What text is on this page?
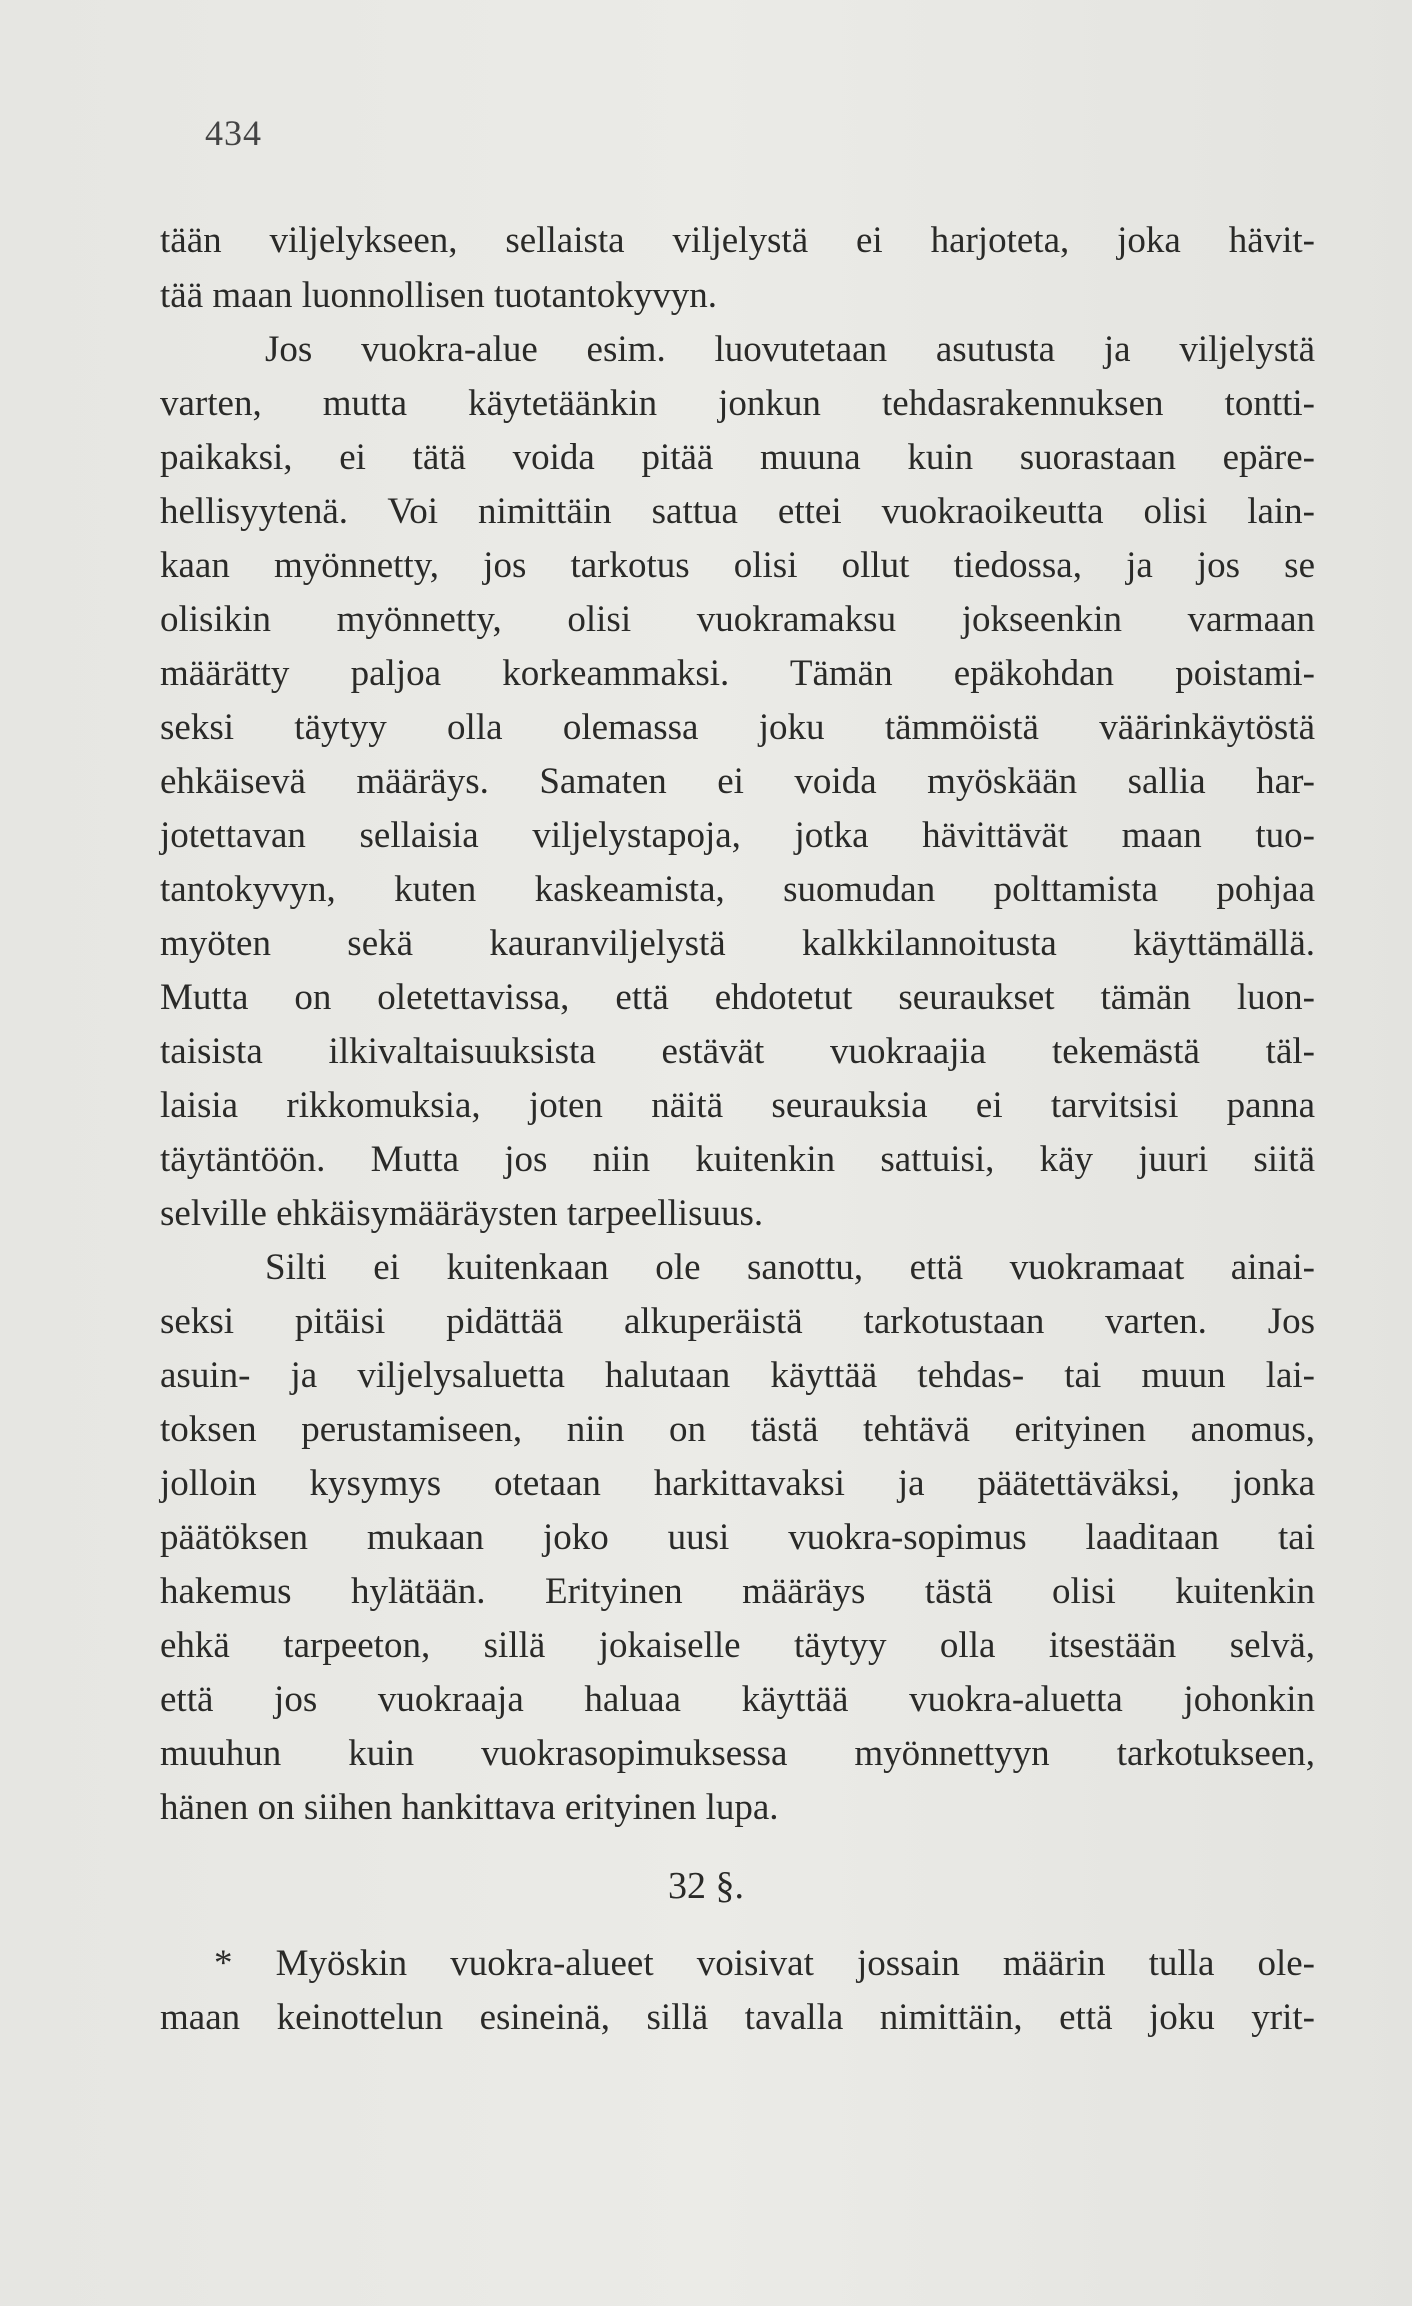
434
tään viljelykseen, sellaista viljelystä ei harjoteta, joka hävit-
tää maan luonnollisen tuotantokyvyn.
Jos vuokra-alue esim. luovutetaan asutusta ja viljelystä
varten, mutta käytetäänkin jonkun tehdasrakennuksen tontti-
paikaksi, ei tätä voida pitää muuna kuin suorastaan epäre-
hellisyytenä. Voi nimittäin sattua ettei vuokraoikeutta olisi lain-
kaan myönnetty, jos tarkotus olisi ollut tiedossa, ja jos se
olisikin myönnetty, olisi vuokramaksu jokseenkin varmaan
määrätty paljoa korkeammaksi. Tämän epäkohdan poistami-
seksi täytyy olla olemassa joku tämmöistä väärinkäytöstä
ehkäisevä määräys. Samaten ei voida myöskään sallia har-
jotettavan sellaisia viljelystapoja, jotka hävittävät maan tuo-
tantokyvyn, kuten kaskeamista, suomudan polttamista pohjaa
myöten sekä kauranviljelystä kalkkilannoitusta käyttämällä.
Mutta on oletettavissa, että ehdotetut seuraukset tämän luon-
taisista ilkivaltaisuuksista estävät vuokraajia tekemästä täl-
laisia rikkomuksia, joten näitä seurauksia ei tarvitsisi panna
täytäntöön. Mutta jos niin kuitenkin sattuisi, käy juuri siitä
selville ehkäisymääräysten tarpeellisuus.
Silti ei kuitenkaan ole sanottu, että vuokramaat ainai-
seksi pitäisi pidättää alkuperäistä tarkotustaan varten. Jos
asuin- ja viljelysaluetta halutaan käyttää tehdas- tai muun lai-
toksen perustamiseen, niin on tästä tehtävä erityinen anomus,
jolloin kysymys otetaan harkittavaksi ja päätettäväksi, jonka
päätöksen mukaan joko uusi vuokra-sopimus laaditaan tai
hakemus hylätään. Erityinen määräys tästä olisi kuitenkin
ehkä tarpeeton, sillä jokaiselle täytyy olla itsestään selvä,
että jos vuokraaja haluaa käyttää vuokra-aluetta johonkin
muuhun kuin vuokrasopimuksessa myönnettyyn tarkotukseen,
hänen on siihen hankittava erityinen lupa.
32 §.
* Myöskin vuokra-alueet voisivat jossain määrin tulla ole-
maan keinottelun esineinä, sillä tavalla nimittäin, että joku yrit-
